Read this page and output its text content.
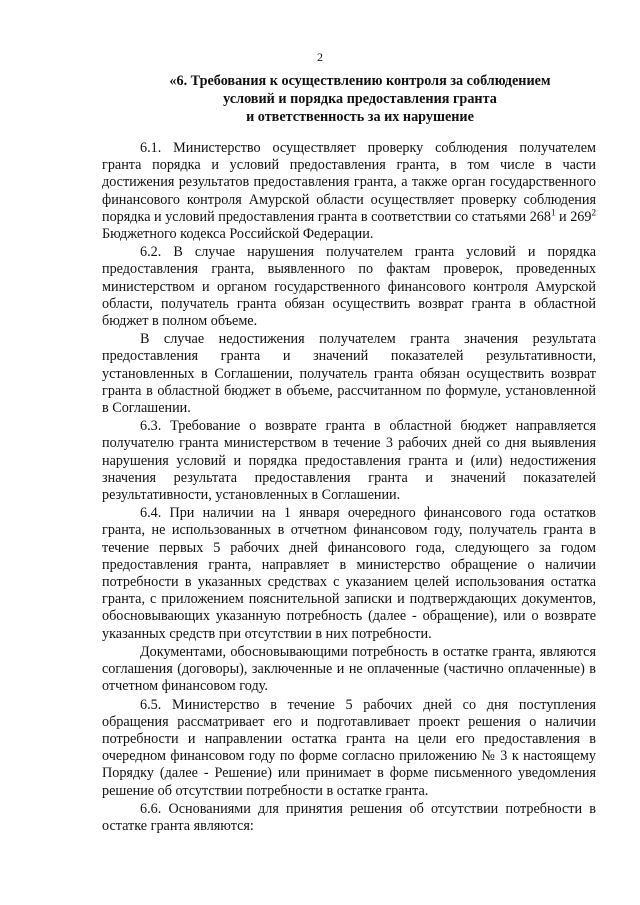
2
«6. Требования к осуществлению контроля за соблюдением
условий и порядка предоставления гранта
и ответственность за их нарушение

6.1. Министерство осуществляет проверку соблюдения получателем гранта порядка и условий предоставления гранта, в том числе в части достижения результатов предоставления гранта, а также орган государственного финансового контроля Амурской области осуществляет проверку соблюдения порядка и условий предоставления гранта в соответствии со статьями $268^1$ и $269^2$ Бюджетного кодекса Российской Федерации.

6.2. В случае нарушения получателем гранта условий и порядка предоставления гранта, выявленного по фактам проверок, проведенных министерством и органом государственного финансового контроля Амурской области, получатель гранта обязан осуществить возврат гранта в областной бюджет в полном объеме.

В случае недостижения получателем гранта значения результата предоставления гранта и значений показателей результативности, установленных в Соглашении, получатель гранта обязан осуществить возврат гранта в областной бюджет в объеме, рассчитанном по формуле, установленной в Соглашении.

6.3. Требование о возврате гранта в областной бюджет направляется получателю гранта министерством в течение 3 рабочих дней со дня выявления нарушения условий и порядка предоставления гранта и (или) недостижения значения результата предоставления гранта и значений показателей результативности, установленных в Соглашении.

6.4. При наличии на 1 января очередного финансового года остатков гранта, не использованных в отчетном финансовом году, получатель гранта в течение первых 5 рабочих дней финансового года, следующего за годом предоставления гранта, направляет в министерство обращение о наличии потребности в указанных средствах с указанием целей использования остатка гранта, с приложением пояснительной записки и подтверждающих документов, обосновывающих указанную потребность (далее - обращение), или о возврате указанных средств при отсутствии в них потребности.

Документами, обосновывающими потребность в остатке гранта, являются соглашения (договоры), заключенные и не оплаченные (частично оплаченные) в отчетном финансовом году.

6.5. Министерство в течение 5 рабочих дней со дня поступления обращения рассматривает его и подготавливает проект решения о наличии потребности и направлении остатка гранта на цели его предоставления в очередном финансовом году по форме согласно приложению № 3 к настоящему Порядку (далее - Решение) или принимает в форме письменного уведомления решение об отсутствии потребности в остатке гранта.

6.6. Основаниями для принятия решения об отсутствии потребности в остатке гранта являются:
